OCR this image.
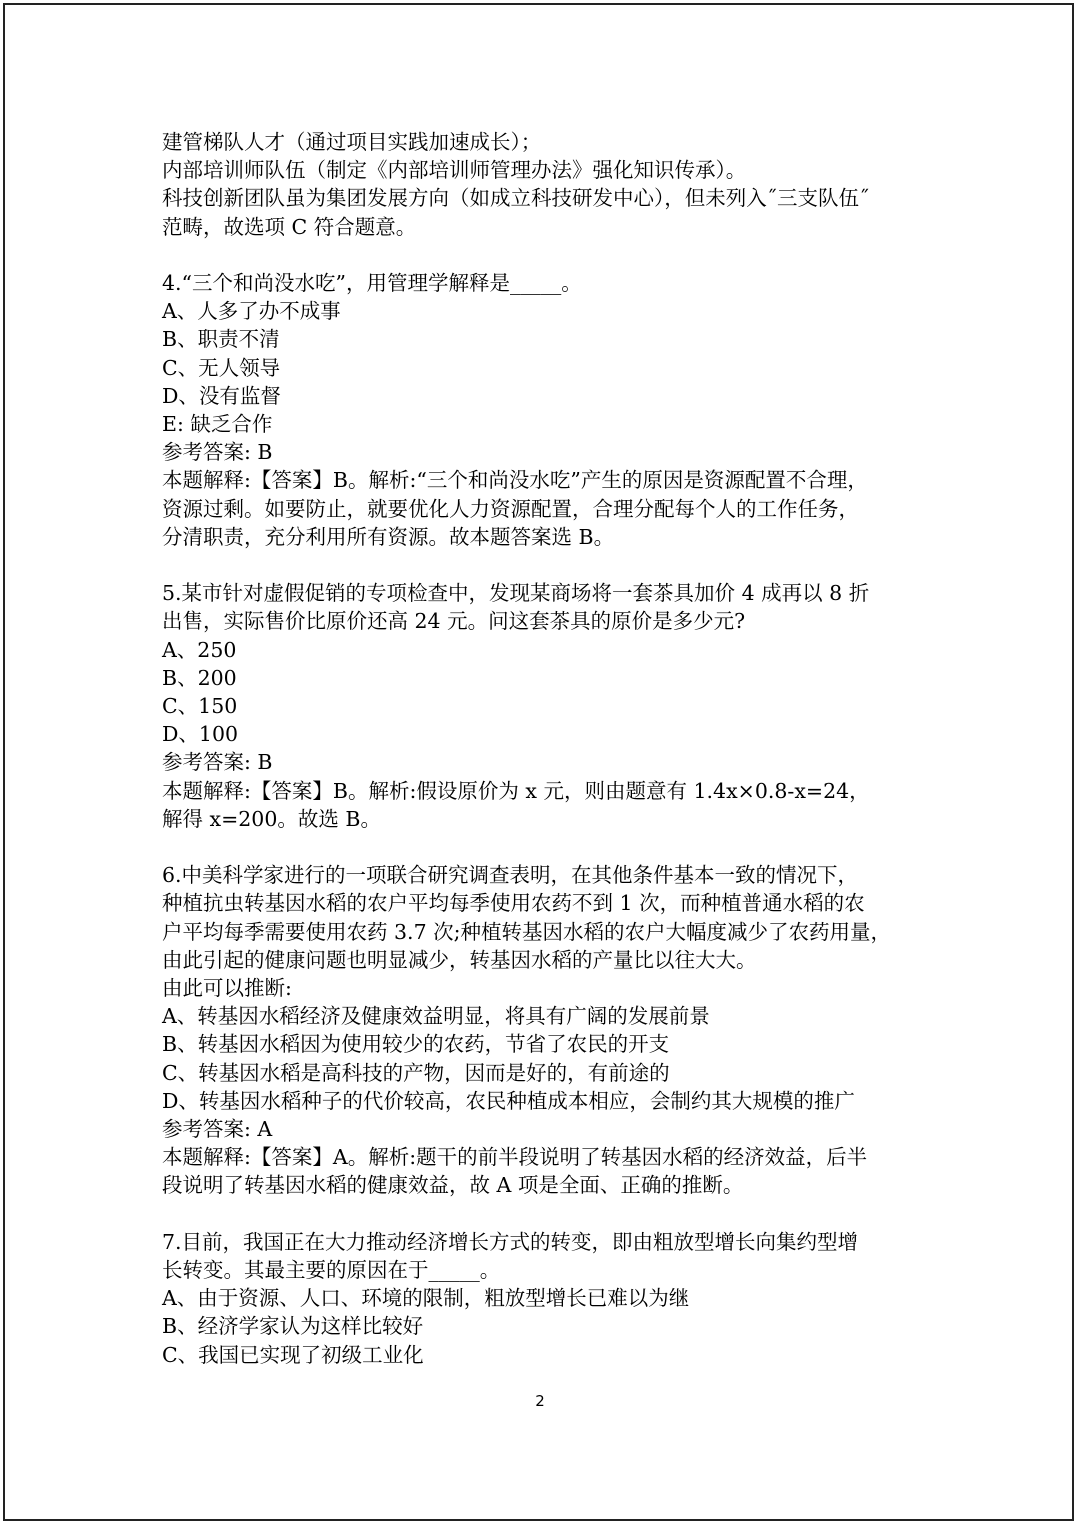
建管梯队人才（通过项目实践加速成长）；
内部培训师队伍（制定《内部培训师管理办法》强化知识传承）。
科技创新团队虽为集团发展方向（如成立科技研发中心），但未列入˝三支队伍˝
范畴，故选项 C 符合题意。
4.“三个和尚没水吃”，用管理学解释是_____。
A、人多了办不成事
B、职责不清
C、无人领导
D、没有监督
E: 缺乏合作
参考答案: B
本题解释:【答案】B。解析:“三个和尚没水吃”产生的原因是资源配置不合理，
资源过剩。如要防止，就要优化人力资源配置，合理分配每个人的工作任务，
分清职责，充分利用所有资源。故本题答案选 B。
5.某市针对虚假促销的专项检查中，发现某商场将一套茶具加价 4 成再以 8 折
出售，实际售价比原价还高 24 元。问这套茶具的原价是多少元?
A、250
B、200
C、150
D、100
参考答案: B
本题解释:【答案】B。解析:假设原价为 x 元，则由题意有 1.4x×0.8-x=24，
解得 x=200。故选 B。
6.中美科学家进行的一项联合研究调查表明，在其他条件基本一致的情况下，
种植抗虫转基因水稻的农户平均每季使用农药不到 1 次，而种植普通水稻的农
户平均每季需要使用农药 3.7 次;种植转基因水稻的农户大幅度减少了农药用量，
由此引起的健康问题也明显减少，转基因水稻的产量比以往大大。
由此可以推断:
A、转基因水稻经济及健康效益明显，将具有广阔的发展前景
B、转基因水稻因为使用较少的农药，节省了农民的开支
C、转基因水稻是高科技的产物，因而是好的，有前途的
D、转基因水稻种子的代价较高，农民种植成本相应，会制约其大规模的推广
参考答案: A
本题解释:【答案】A。解析:题干的前半段说明了转基因水稻的经济效益，后半
段说明了转基因水稻的健康效益，故 A 项是全面、正确的推断。
7.目前，我国正在大力推动经济增长方式的转变，即由粗放型增长向集约型增
长转变。其最主要的原因在于_____。
A、由于资源、人口、环境的限制，粗放型增长已难以为继
B、经济学家认为这样比较好
C、我国已实现了初级工业化
2
